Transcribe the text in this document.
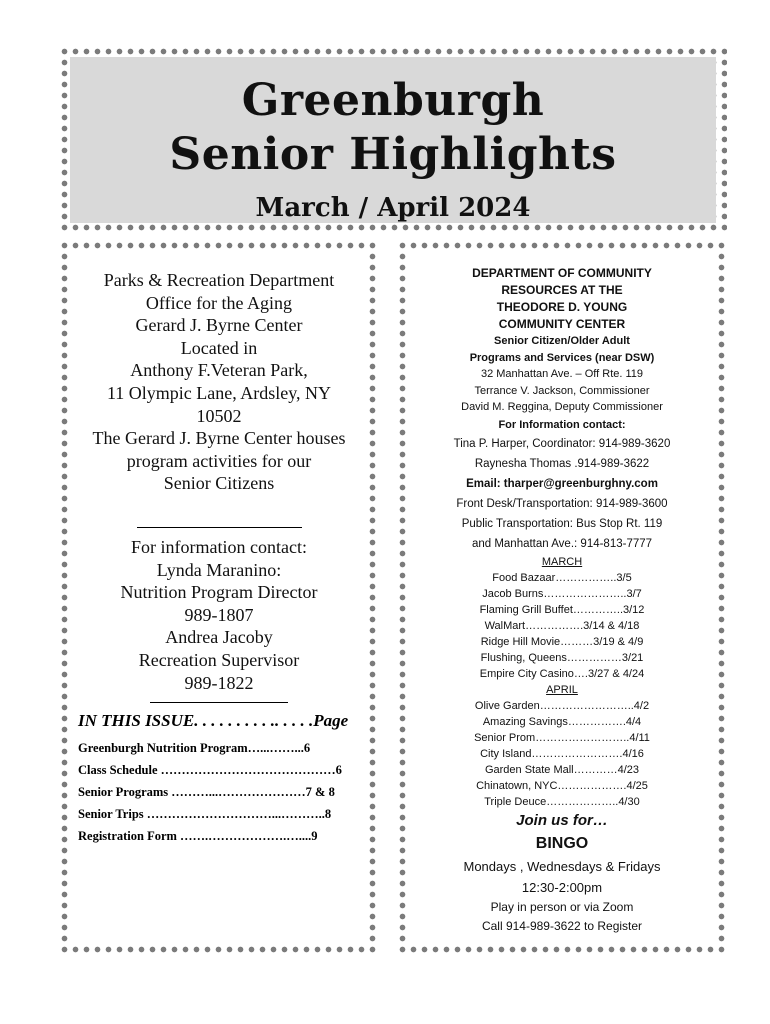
Greenburgh
Senior Highlights
March / April 2024
Parks & Recreation Department
Office for the Aging
Gerard J. Byrne Center
Located in
Anthony F.Veteran Park,
11 Olympic Lane, Ardsley, NY
10502
The Gerard J. Byrne Center houses
program activities for our
Senior Citizens
For information contact:
Lynda Maranino:
Nutrition Program Director
989-1807
Andrea Jacoby
Recreation Supervisor
989-1822
IN THIS ISSUE. . . . . . . . . .. . . . .Page
Greenburgh Nutrition Program…...……...6
Class Schedule ……………………………………6
Senior Programs ………...…………………7 & 8
Senior Trips …………………………...………..8
Registration Form …….……………….…....9
DEPARTMENT OF COMMUNITY
RESOURCES AT THE
THEODORE D. YOUNG
COMMUNITY CENTER
Senior Citizen/Older Adult
Programs and Services (near DSW)
32 Manhattan Ave. – Off Rte. 119
Terrance V. Jackson, Commissioner
David M. Reggina, Deputy Commissioner
For Information contact:
Tina P. Harper, Coordinator: 914-989-3620
Raynesha Thomas .914-989-3622
Email: tharper@greenburghny.com
Front Desk/Transportation: 914-989-3600
Public Transportation: Bus Stop Rt. 119
and Manhattan Ave.: 914-813-7777
MARCH
Food Bazaar……………..3/5
Jacob Burns…………………..3/7
Flaming Grill Buffet…………..3/12
WalMart…………….3/14 & 4/18
Ridge Hill Movie………3/19 & 4/9
Flushing, Queens……………3/21
Empire City Casino….3/27 & 4/24
APRIL
Olive Garden……………………..4/2
Amazing Savings…………….4/4
Senior Prom……………………..4/11
City Island…………………….4/16
Garden State Mall…………4/23
Chinatown, NYC……………….4/25
Triple Deuce………………..4/30
Join us for…
BINGO
Mondays , Wednesdays & Fridays
12:30-2:00pm
Play in person or via Zoom
Call 914-989-3622 to Register
